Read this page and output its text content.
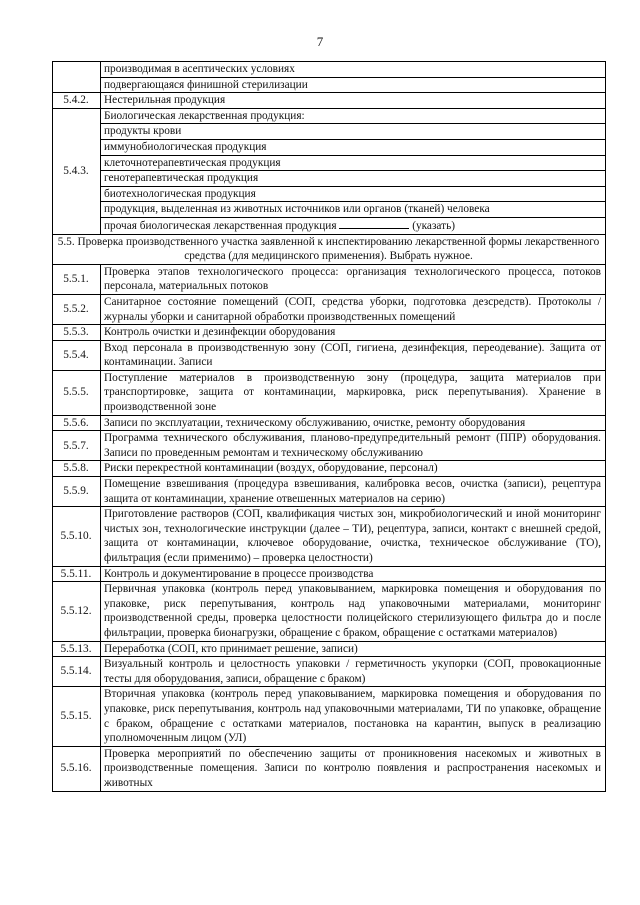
7
	производимая в асептических условиях
	подвергающаяся финишной стерилизации
5.4.2.	Нестерильная продукция
5.4.3.	Биологическая лекарственная продукция:
	продукты крови
	иммунобиологическая продукция
	клеточнотерапевтическая продукция
	генотерапевтическая продукция
	биотехнологическая продукция
	продукция, выделенная из животных источников или органов (тканей) человека
	прочая биологическая лекарственная продукция (указать)
5.5. Проверка производственного участка заявленной к инспектированию лекарственной формы лекарственного средства (для медицинского применения). Выбрать нужное.	
5.5.1.	Проверка этапов технологического процесса: организация технологического процесса, потоков персонала, материальных потоков
5.5.2.	Санитарное состояние помещений (СОП, средства уборки, подготовка дезсредств). Протоколы / журналы уборки и санитарной обработки производственных помещений
5.5.3.	Контроль очистки и дезинфекции оборудования
5.5.4.	Вход персонала в производственную зону (СОП, гигиена, дезинфекция, переодевание). Защита от контаминации. Записи
5.5.5.	Поступление материалов в производственную зону (процедура, защита материалов при транспортировке, защита от контаминации, маркировка, риск перепутывания). Хранение в производственной зоне
5.5.6.	Записи по эксплуатации, техническому обслуживанию, очистке, ремонту оборудования
5.5.7.	Программа технического обслуживания, планово-предупредительный ремонт (ППР) оборудования. Записи по проведенным ремонтам и техническому обслуживанию
5.5.8.	Риски перекрестной контаминации (воздух, оборудование, персонал)
5.5.9.	Помещение взвешивания (процедура взвешивания, калибровка весов, очистка (записи), рецептура защита от контаминации, хранение отвешенных материалов на серию)
5.5.10.	Приготовление растворов (СОП, квалификация чистых зон, микробиологический и иной мониторинг чистых зон, технологические инструкции (далее – ТИ), рецептура, записи, контакт с внешней средой, защита от контаминации, ключевое оборудование, очистка, техническое обслуживание (ТО), фильтрация (если применимо) – проверка целостности)
5.5.11.	Контроль и документирование в процессе производства
5.5.12.	Первичная упаковка (контроль перед упаковыванием, маркировка помещения и оборудования по упаковке, риск перепутывания, контроль над упаковочными материалами, мониторинг производственной среды, проверка целостности полицейского стерилизующего фильтра до и после фильтрации, проверка бионагрузки, обращение с браком, обращение с остатками материалов)
5.5.13.	Переработка (СОП, кто принимает решение, записи)
5.5.14.	Визуальный контроль и целостность упаковки / герметичность укупорки (СОП, провокационные тесты для оборудования, записи, обращение с браком)
5.5.15.	Вторичная упаковка (контроль перед упаковыванием, маркировка помещения и оборудования по упаковке, риск перепутывания, контроль над упаковочными материалами, ТИ по упаковке, обращение с браком, обращение с остатками материалов, постановка на карантин, выпуск в реализацию уполномоченным лицом (УЛ)
5.5.16.	Проверка мероприятий по обеспечению защиты от проникновения насекомых и животных в производственные помещения. Записи по контролю появления и распространения насекомых и животных
